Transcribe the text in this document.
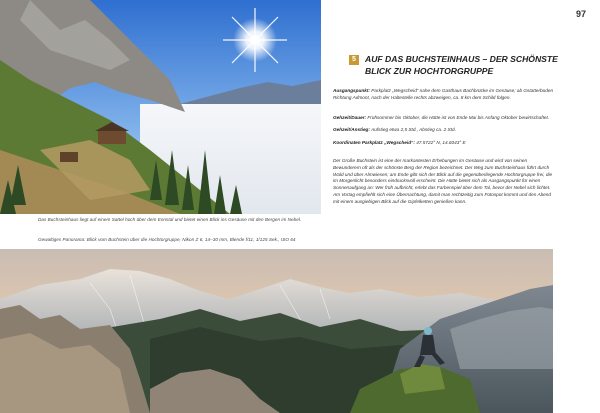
97
Das Buchsteinhaus liegt auf einem Sattel hoch über dem Ennstal und bietet einen Blick ins Gesäuse mit den Bergen im Nebel.
5	AUF DAS BUCHSTEINHAUS – DER SCHÖNSTE BLICK ZUR HOCHTORGRUPPE
Ausgangspunkt: Parkplatz „Wegscheid“ nahe dem Gasthaus Bachbrücke im Gesäuse; ab Gstatterboden Richtung Admont, nach der Haltestelle rechts abzweigen, ca. 8 km dem Schild folgen.
Gehzeit/Dauer: Frühsommer bis Oktober, die Hütte ist von Ende Mai bis Anfang Oktober bewirtschaftet.
Gehzeit/Anstieg: Aufstieg etwa 2,5 Std., Abstieg ca. 2 Std.
Koordinaten Parkplatz „Wegscheid“: 47.5722° N, 14.6043° E
Der Große Buchstein ist eine der markantesten Erhebungen im Gesäuse und wird von seinen Bewunderern oft als der schönste Berg der Region bezeichnet. Der Weg zum Buchsteinhaus führt durch Wald und über Almwiesen; am Ende gibt sich der Blick auf die gegenüberliegende Hochtorgruppe frei, die im Morgenlicht besonders eindrucksvoll erscheint. Die Hütte bietet sich als Ausgangspunkt für einen Sonnenaufgang an: Wer früh aufbricht, erlebt das Farbenspiel über dem Tal, bevor der Nebel sich lichtet. Am Vortag empfiehlt sich eine Übernachtung, damit man rechtzeitig zum Fotospot kommt und den Abend mit einem ausgiebigen Blick auf die Gipfelketten genießen kann.
Gewaltiges Panorama: Blick vom Buchstein über die Hochtorgruppe, Nikon Z 6, 14–30 mm, Blende f/11, 1/125 Sek., ISO 64
